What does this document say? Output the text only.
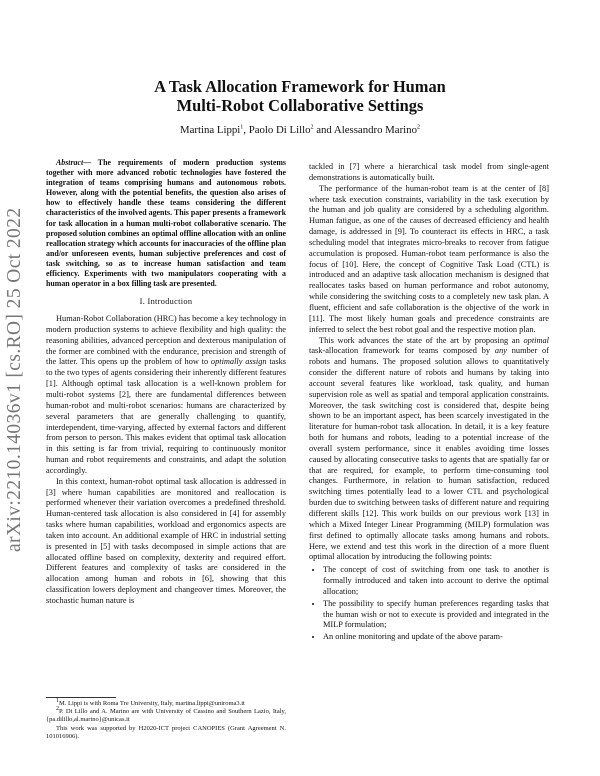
arXiv:2210.14036v1 [cs.RO] 25 Oct 2022
A Task Allocation Framework for Human
Multi-Robot Collaborative Settings
Martina Lippi$^1$, Paolo Di Lillo$^2$ and Alessandro Marino$^2$

Abstract— The requirements of modern production systems together with more advanced robotic technologies have fostered the integration of teams comprising humans and autonomous robots. However, along with the potential benefits, the question also arises of how to effectively handle these teams considering the different characteristics of the involved agents. This paper presents a framework for task allocation in a human multi-robot collaborative scenario. The proposed solution combines an optimal offline allocation with an online reallocation strategy which accounts for inaccuracies of the offline plan and/or unforeseen events, human subjective preferences and cost of task switching, so as to increase human satisfaction and team efficiency. Experiments with two manipulators cooperating with a human operator in a box filling task are presented.

I. Introduction

Human-Robot Collaboration (HRC) has become a key technology in modern production systems to achieve flexibility and high quality: the reasoning abilities, advanced perception and dexterous manipulation of the former are combined with the endurance, precision and strength of the latter. This opens up the problem of how to optimally assign tasks to the two types of agents considering their inherently different features [1]. Although optimal task allocation is a well-known problem for multi-robot systems [2], there are fundamental differences between human-robot and multi-robot scenarios: humans are characterized by several parameters that are generally challenging to quantify, interdependent, time-varying, affected by external factors and different from person to person. This makes evident that optimal task allocation in this setting is far from trivial, requiring to continuously monitor human and robot requirements and constraints, and adapt the solution accordingly.

In this context, human-robot optimal task allocation is addressed in [3] where human capabilities are monitored and reallocation is performed whenever their variation overcomes a predefined threshold. Human-centered task allocation is also considered in [4] for assembly tasks where human capabilities, workload and ergonomics aspects are taken into account. An additional example of HRC in industrial setting is presented in [5] with tasks decomposed in simple actions that are allocated offline based on complexity, dexterity and required effort. Different features and complexity of tasks are considered in the allocation among human and robots in [6], showing that this classification lowers deployment and changeover times. Moreover, the stochastic human nature is

1M. Lippi is with Roma Tre University, Italy, martina.lippi@uniroma3.it
2P. Di Lillo and A. Marino are with University of Cassino and Southern Lazio, Italy, {pa.dilillo,al.marino}@unicas.it
This work was supported by H2020-ICT project CANOPIES (Grant Agreement N. 101016906).

tackled in [7] where a hierarchical task model from single-agent demonstrations is automatically built.

The performance of the human-robot team is at the center of [8] where task execution constraints, variability in the task execution by the human and job quality are considered by a scheduling algorithm. Human fatigue, as one of the causes of decreased efficiency and health damage, is addressed in [9]. To counteract its effects in HRC, a task scheduling model that integrates micro-breaks to recover from fatigue accumulation is proposed. Human-robot team performance is also the focus of [10]. Here, the concept of Cognitive Task Load (CTL) is introduced and an adaptive task allocation mechanism is designed that reallocates tasks based on human performance and robot autonomy, while considering the switching costs to a completely new task plan. A fluent, efficient and safe collaboration is the objective of the work in [11]. The most likely human goals and precedence constraints are inferred to select the best robot goal and the respective motion plan.

This work advances the state of the art by proposing an optimal task-allocation framework for teams composed by any number of robots and humans. The proposed solution allows to quantitatively consider the different nature of robots and humans by taking into account several features like workload, task quality, and human supervision role as well as spatial and temporal application constraints. Moreover, the task switching cost is considered that, despite being shown to be an important aspect, has been scarcely investigated in the literature for human-robot task allocation. In detail, it is a key feature both for humans and robots, leading to a potential increase of the overall system performance, since it enables avoiding time losses caused by allocating consecutive tasks to agents that are spatially far or that are required, for example, to perform time-consuming tool changes. Furthermore, in relation to human satisfaction, reduced switching times potentially lead to a lower CTL and psychological burden due to switching between tasks of different nature and requiring different skills [12]. This work builds on our previous work [13] in which a Mixed Integer Linear Programming (MILP) formulation was first defined to optimally allocate tasks among humans and robots. Here, we extend and test this work in the direction of a more fluent optimal allocation by introducing the following points:

• The concept of cost of switching from one task to another is formally introduced and taken into account to derive the optimal allocation;
• The possibility to specify human preferences regarding tasks that the human wish or not to execute is provided and integrated in the MILP formulation;
• An online monitoring and update of the above param-
